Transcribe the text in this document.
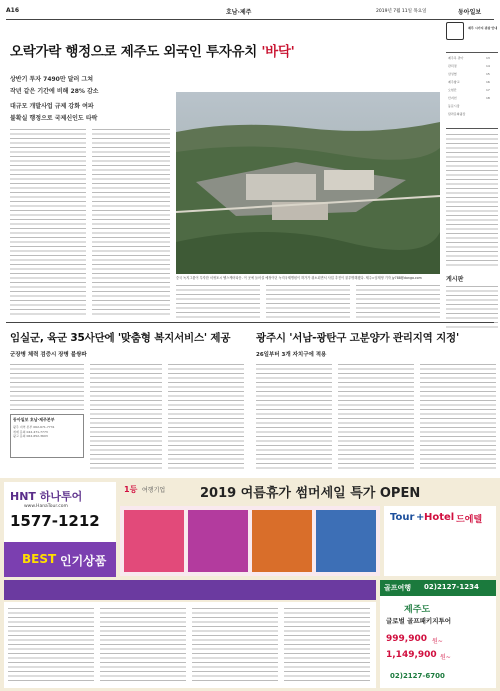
A16	호남·제주	2019년 7월 11일 목요일	동아일보
오락가락 행정으로 제주도 외국인 투자유치 '바닥'
상반기 투자 7490만 달러 그쳐
작년 같은 기간에 비해 28% 감소
대규모 개발사업 규제 강화 여파
불확실 행정으로 국제신인도 타락
중국 녹지그룹이 투자한 서귀포시 헬스케어타운. 이 곳에 들어설 예정이던 녹지국제병원이 허가가 취소되면서 사업 추진이 불투명해졌다. 제주=임재영 기자 jy788@donga.com
제주 시가지 관광 안내
제주목 관아	13
관덕정	14
삼성혈	15
제주향교	16
오현단	17
산지천	18
동문시장
탐라문화광장
게시판
임실군, 육군 35사단에 '맞춤형 복지서비스' 제공
군장병 체력 검증시 장병 불쌍파
동아일보 호남·제주본부
광주 지역 본부 062-671-7731
취재 문의 042-471-7773
광고 문의 062-652-3603
광주시 '서남-광탄구 고분양가 관리지역 지정'
26일부터 3개 자치구에 적용
HNT 하나투어
www.HanaTour.com
1577-1212
BEST 인기상품
1등 여행기업	2019 여름휴가 썸머세일 특가 OPEN
Tour + Hotel 드에텔
골프여행 02)2127-1234
제주도
글로벌 골프패키지투어
999,900 원~
1,149,900 원~
02)2127-6700
